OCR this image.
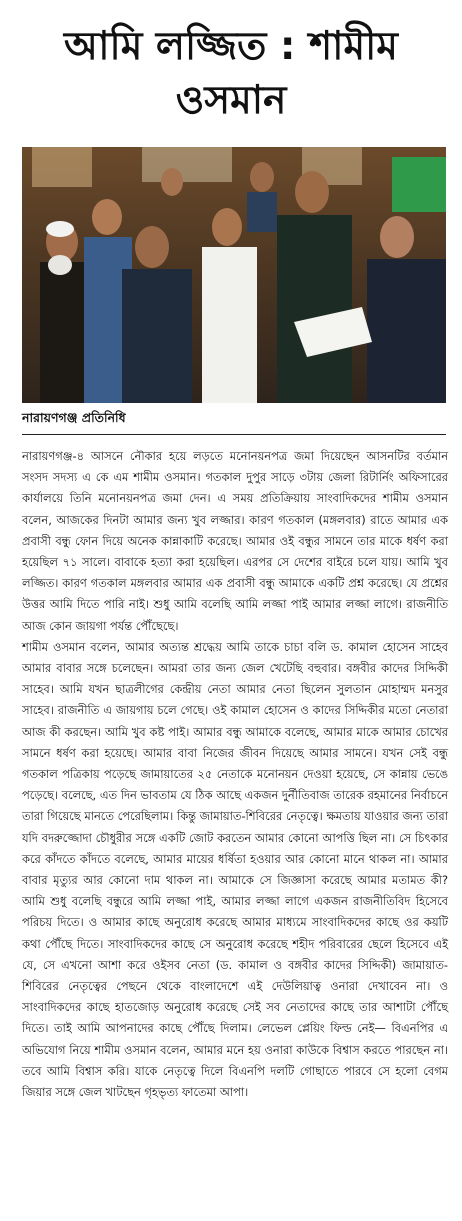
আমি লজ্জিত : শামীম ওসমান
নারায়ণগঞ্জ প্রতিনিধি

নারায়ণগঞ্জ-৪ আসনে নৌকার হয়ে লড়তে মনোনয়নপত্র জমা দিয়েছেন আসনটির বর্তমান সংসদ সদস্য এ কে এম শামীম ওসমান। গতকাল দুপুর সাড়ে ৩টায় জেলা রিটার্নিং অফিসারের কার্যালয়ে তিনি মনোনয়নপত্র জমা দেন। এ সময় প্রতিক্রিয়ায় সাংবাদিকদের শামীম ওসমান বলেন, আজকের দিনটা আমার জন্য খুব লজ্জার। কারণ গতকাল (মঙ্গলবার) রাতে আমার এক প্রবাসী বন্ধু ফোন দিয়ে অনেক কান্নাকাটি করেছে। আমার ওই বন্ধুর সামনে তার মাকে ধর্ষণ করা হয়েছিল ৭১ সালে। বাবাকে হত্যা করা হয়েছিল। এরপর সে দেশের বাইরে চলে যায়। আমি খুব লজ্জিত। কারণ গতকাল মঙ্গলবার আমার এক প্রবাসী বন্ধু আমাকে একটি প্রশ্ন করেছে। যে প্রশ্নের উত্তর আমি দিতে পারি নাই। শুধু আমি বলেছি আমি লজ্জা পাই আমার লজ্জা লাগে। রাজনীতি আজ কোন জায়গা পর্যন্ত পৌঁছেছে।

শামীম ওসমান বলেন, আমার অত্যন্ত শ্রদ্ধেয় আমি তাকে চাচা বলি ড. কামাল হোসেন সাহেব আমার বাবার সঙ্গে চলেছেন। আমরা তার জন্য জেল খেটেছি বহুবার। বঙ্গবীর কাদের সিদ্দিকী সাহেব। আমি যখন ছাত্রলীগের কেন্দ্রীয় নেতা আমার নেতা ছিলেন সুলতান মোহাম্মদ মনসুর সাহেব। রাজনীতি এ জায়গায় চলে গেছে। ওই কামাল হোসেন ও কাদের সিদ্দিকীর মতো নেতারা আজ কী করছেন। আমি খুব কষ্ট পাই। আমার বন্ধু আমাকে বলেছে, আমার মাকে আমার চোখের সামনে ধর্ষণ করা হয়েছে। আমার বাবা নিজের জীবন দিয়েছে আমার সামনে। যখন সেই বন্ধু গতকাল পত্রিকায় পড়েছে জামায়াতের ২৫ নেতাকে মনোনয়ন দেওয়া হয়েছে, সে কান্নায় ভেঙে পড়েছে। বলেছে, এত দিন ভাবতাম যে ঠিক আছে একজন দুর্নীতিবাজ তারেক রহমানের নির্বাচনে তারা গিয়েছে মানতে পেরেছিলাম। কিন্তু জামায়াত-শিবিরের নেতৃত্বে। ক্ষমতায় যাওয়ার জন্য তারা যদি বদরুজ্জোদা চৌধুরীর সঙ্গে একটি জোট করতেন আমার কোনো আপত্তি ছিল না। সে চিৎকার করে কাঁদতে কাঁদতে বলেছে, আমার মায়ের ধর্ষিতা হওয়ার আর কোনো মানে থাকল না। আমার বাবার মৃত্যুর আর কোনো দাম থাকল না। আমাকে সে জিজ্ঞাসা করেছে আমার মতামত কী? আমি শুধু বলেছি বন্ধুরে আমি লজ্জা পাই, আমার লজ্জা লাগে একজন রাজনীতিবিদ হিসেবে পরিচয় দিতে। ও আমার কাছে অনুরোধ করেছে আমার মাধ্যমে সাংবাদিকদের কাছে ওর কয়টি কথা পৌঁছে দিতে। সাংবাদিকদের কাছে সে অনুরোধ করেছে শহীদ পরিবারের ছেলে হিসেবে এই যে, সে এখনো আশা করে ওইসব নেতা (ড. কামাল ও বঙ্গবীর কাদের সিদ্দিকী) জামায়াত-শিবিরের নেতৃত্বের পেছনে থেকে বাংলাদেশে এই দেউলিয়াত্ব ওনারা দেখাবেন না। ও সাংবাদিকদের কাছে হাতজোড় অনুরোধ করেছে সেই সব নেতাদের কাছে তার আশাটা পৌঁছে দিতে। তাই আমি আপনাদের কাছে পৌঁছে দিলাম। লেভেল প্লেয়িং ফিল্ড নেই— বিএনপির এ অভিযোগ নিয়ে শামীম ওসমান বলেন, আমার মনে হয় ওনারা কাউকে বিশ্বাস করতে পারছেন না। তবে আমি বিশ্বাস করি। যাকে নেতৃত্বে দিলে বিএনপি দলটি গোছাতে পারবে সে হলো বেগম জিয়ার সঙ্গে জেল খাটছেন গৃহভৃত্য ফাতেমা আপা।
